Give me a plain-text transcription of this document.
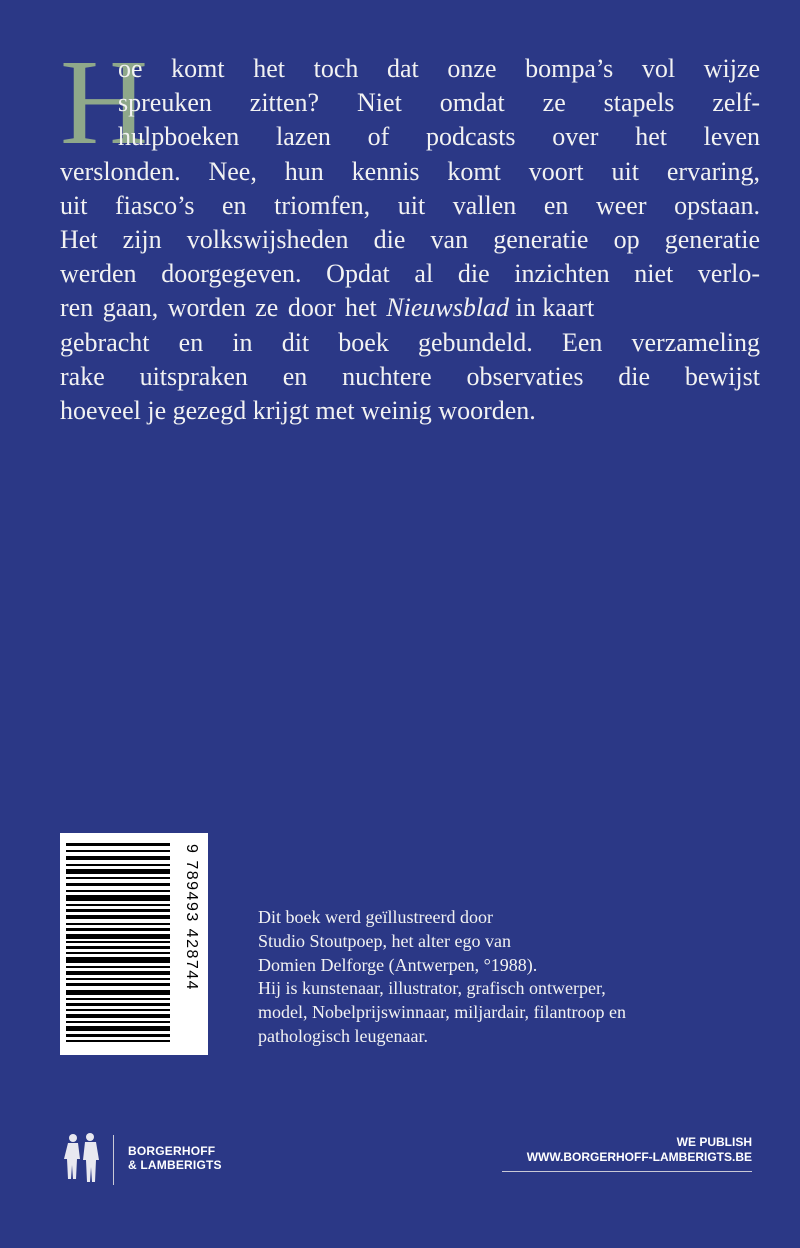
H
oe komt het toch dat onze bompa’s vol wijze
spreuken zitten? Niet omdat ze stapels zelf-
hulpboeken lazen of podcasts over het leven
verslonden. Nee, hun kennis komt voort uit ervaring,
uit fiasco’s en triomfen, uit vallen en weer opstaan.
Het zijn volkswijsheden die van generatie op generatie
werden doorgegeven. Opdat al die inzichten niet verlo-
ren gaan, worden ze door het Nieuwsblad in kaart
gebracht en in dit boek gebundeld. Een verzameling
rake uitspraken en nuchtere observaties die bewijst
hoeveel je gezegd krijgt met weinig woorden.
9 789493 428744	Dit boek werd geïllustreerd door
Studio Stoutpoep, het alter ego van
Domien Delforge (Antwerpen, °1988).
Hij is kunstenaar, illustrator, grafisch ontwerper,
model, Nobelprijswinnaar, miljardair, filantroop en
pathologisch leugenaar.
BORGERHOFF
& LAMBERIGTS
WE PUBLISH
WWW.BORGERHOFF-LAMBERIGTS.BE
